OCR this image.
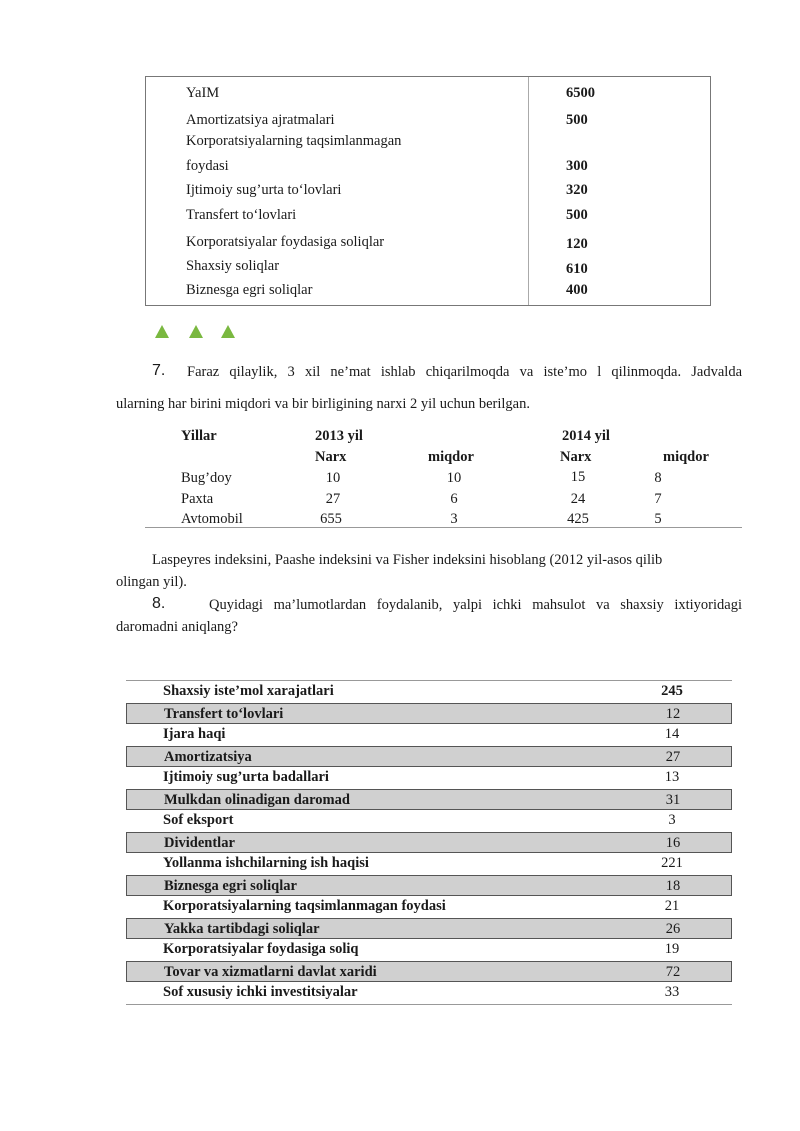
YaIM	6500
Amortizatsiya ajratmalari	500
Korporatsiyalarning taqsimlanmagan
foydasi	300
Ijtimoiy sug’urta to‘lovlari	320
Transfert to‘lovlari	500
Korporatsiyalar foydasiga soliqlar	120
Shaxsiy soliqlar	610
Biznesga egri soliqlar	400
7. Faraz qilaylik, 3 xil ne’mat ishlab chiqarilmoqda va iste’mo l qilinmoqda. Jadvalda
ularning har birini miqdori va bir birligining narxi 2 yil uchun berilgan.
Yillar	2013 yil	2014 yil
Narx	miqdor	Narx	miqdor
Bug’doy	10	10	15	8
Paxta	27	6	24	7
Avtomobil	655	3	425	5
Laspeyres indeksini, Paashe indeksini va Fisher indeksini hisoblang (2012 yil-asos qilib
olingan yil).
8.	Quyidagi ma’lumotlardan foydalanib, yalpi ichki mahsulot va shaxsiy ixtiyoridagi
daromadni aniqlang?
Shaxsiy iste’mol xarajatlari	245
Transfert to‘lovlari	12
Ijara haqi	14
Amortizatsiya	27
Ijtimoiy sug’urta badallari	13
Mulkdan olinadigan daromad	31
Sof eksport	3
Dividentlar	16
Yollanma ishchilarning ish haqisi	221
Biznesga egri soliqlar	18
Korporatsiyalarning taqsimlanmagan foydasi	21
Yakka tartibdagi soliqlar	26
Korporatsiyalar foydasiga soliq	19
Tovar va xizmatlarni davlat xaridi	72
Sof xususiy ichki investitsiyalar	33
